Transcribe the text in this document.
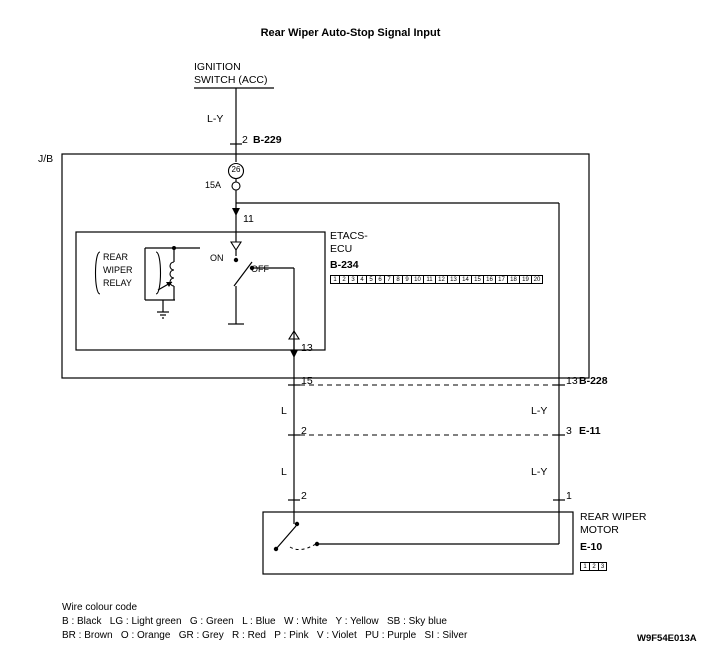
Rear Wiper Auto-Stop Signal Input
IGNITION
SWITCH (ACC)
L-Y
2 B-229
J/B
26
15A
11
REAR
WIPER
RELAY
ON
OFF
ETACS-
ECU
B-234
1 2 3 4 5 6 7 8 9 10 11 12 13 14 15 16 17 18 19 20
13
15	13 B-228
L	L-Y
2	3 E-11
L	L-Y
2	1
REAR WIPER
MOTOR
E-10
1 2 3
Wire colour code
B : Black   LG : Light green   G : Green   L : Blue   W : White   Y : Yellow   SB : Sky blue
BR : Brown   O : Orange   GR : Grey   R : Red   P : Pink   V : Violet   PU : Purple   SI : Silver	W9F54E013A
